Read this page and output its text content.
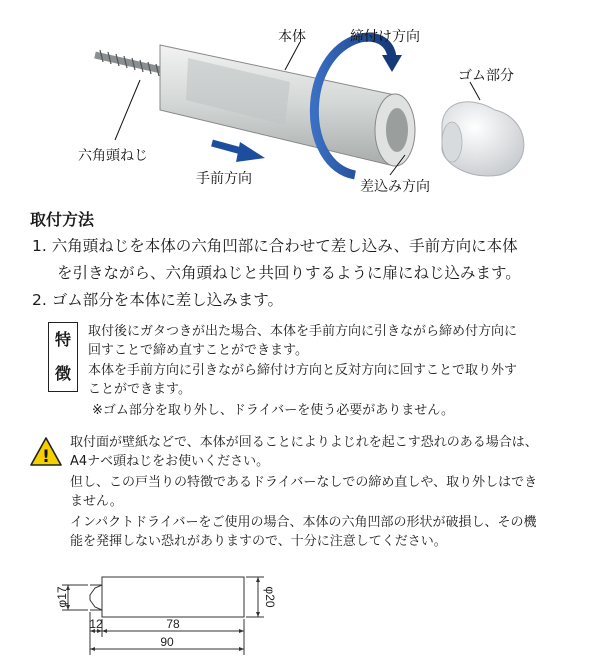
本体	締付け方向
ゴム部分
六角頭ねじ
手前方向	差込み方向
取付方法
1. 六角頭ねじを本体の六角凹部に合わせて差し込み、手前方向に本体
を引きながら、六角頭ねじと共回りするように扉にねじ込みます。
2. ゴム部分を本体に差し込みます。
特
徴
取付後にガタつきが出た場合、本体を手前方向に引きながら締め付方向に
回すことで締め直すことができます。
本体を手前方向に引きながら締付け方向と反対方向に回すことで取り外す
ことができます。
※ゴム部分を取り外し、ドライバーを使う必要がありません。
!
取付面が壁紙などで、本体が回ることによりよじれを起こす恐れのある場合は、
A4ナベ頭ねじをお使いください。
但し、この戸当りの特徴であるドライバーなしでの締め直しや、取り外しはでき
ません。
インパクトドライバーをご使用の場合、本体の六角凹部の形状が破損し、その機
能を発揮しない恐れがありますので、十分に注意してください。
φ17	φ20
12	78
90
